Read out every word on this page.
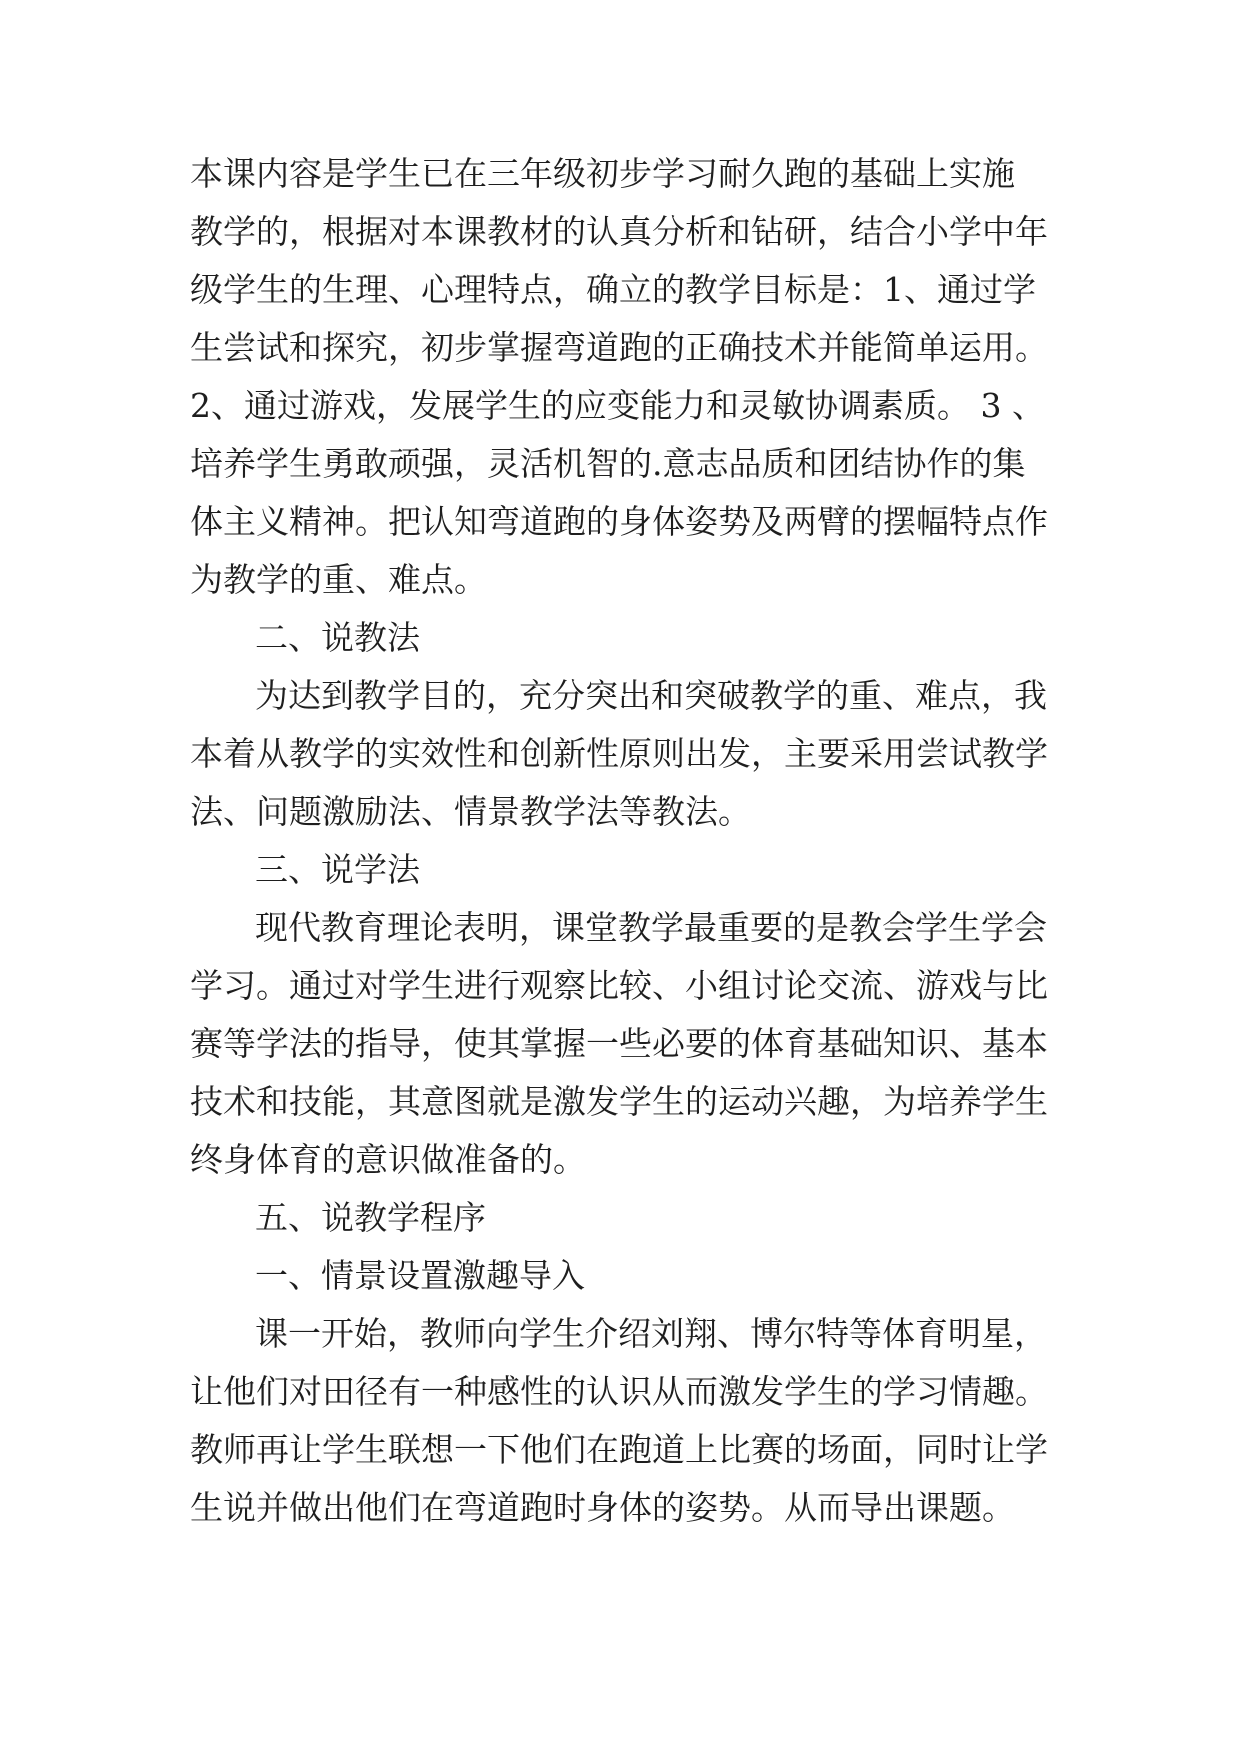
本课内容是学生已在三年级初步学习耐久跑的基础上实施
教学的，根据对本课教材的认真分析和钻研，结合小学中年
级学生的生理、心理特点，确立的教学目标是：1、通过学
生尝试和探究，初步掌握弯道跑的正确技术并能简单运用。
2、通过游戏，发展学生的应变能力和灵敏协调素质。 3 、
培养学生勇敢顽强，灵活机智的.意志品质和团结协作的集
体主义精神。把认知弯道跑的身体姿势及两臂的摆幅特点作
为教学的重、难点。
二、说教法
为达到教学目的，充分突出和突破教学的重、难点，我
本着从教学的实效性和创新性原则出发，主要采用尝试教学
法、问题激励法、情景教学法等教法。
三、说学法
现代教育理论表明，课堂教学最重要的是教会学生学会
学习。通过对学生进行观察比较、小组讨论交流、游戏与比
赛等学法的指导，使其掌握一些必要的体育基础知识、基本
技术和技能，其意图就是激发学生的运动兴趣，为培养学生
终身体育的意识做准备的。
五、说教学程序
一、情景设置激趣导入
课一开始，教师向学生介绍刘翔、博尔特等体育明星，
让他们对田径有一种感性的认识从而激发学生的学习情趣。
教师再让学生联想一下他们在跑道上比赛的场面，同时让学
生说并做出他们在弯道跑时身体的姿势。从而导出课题。
